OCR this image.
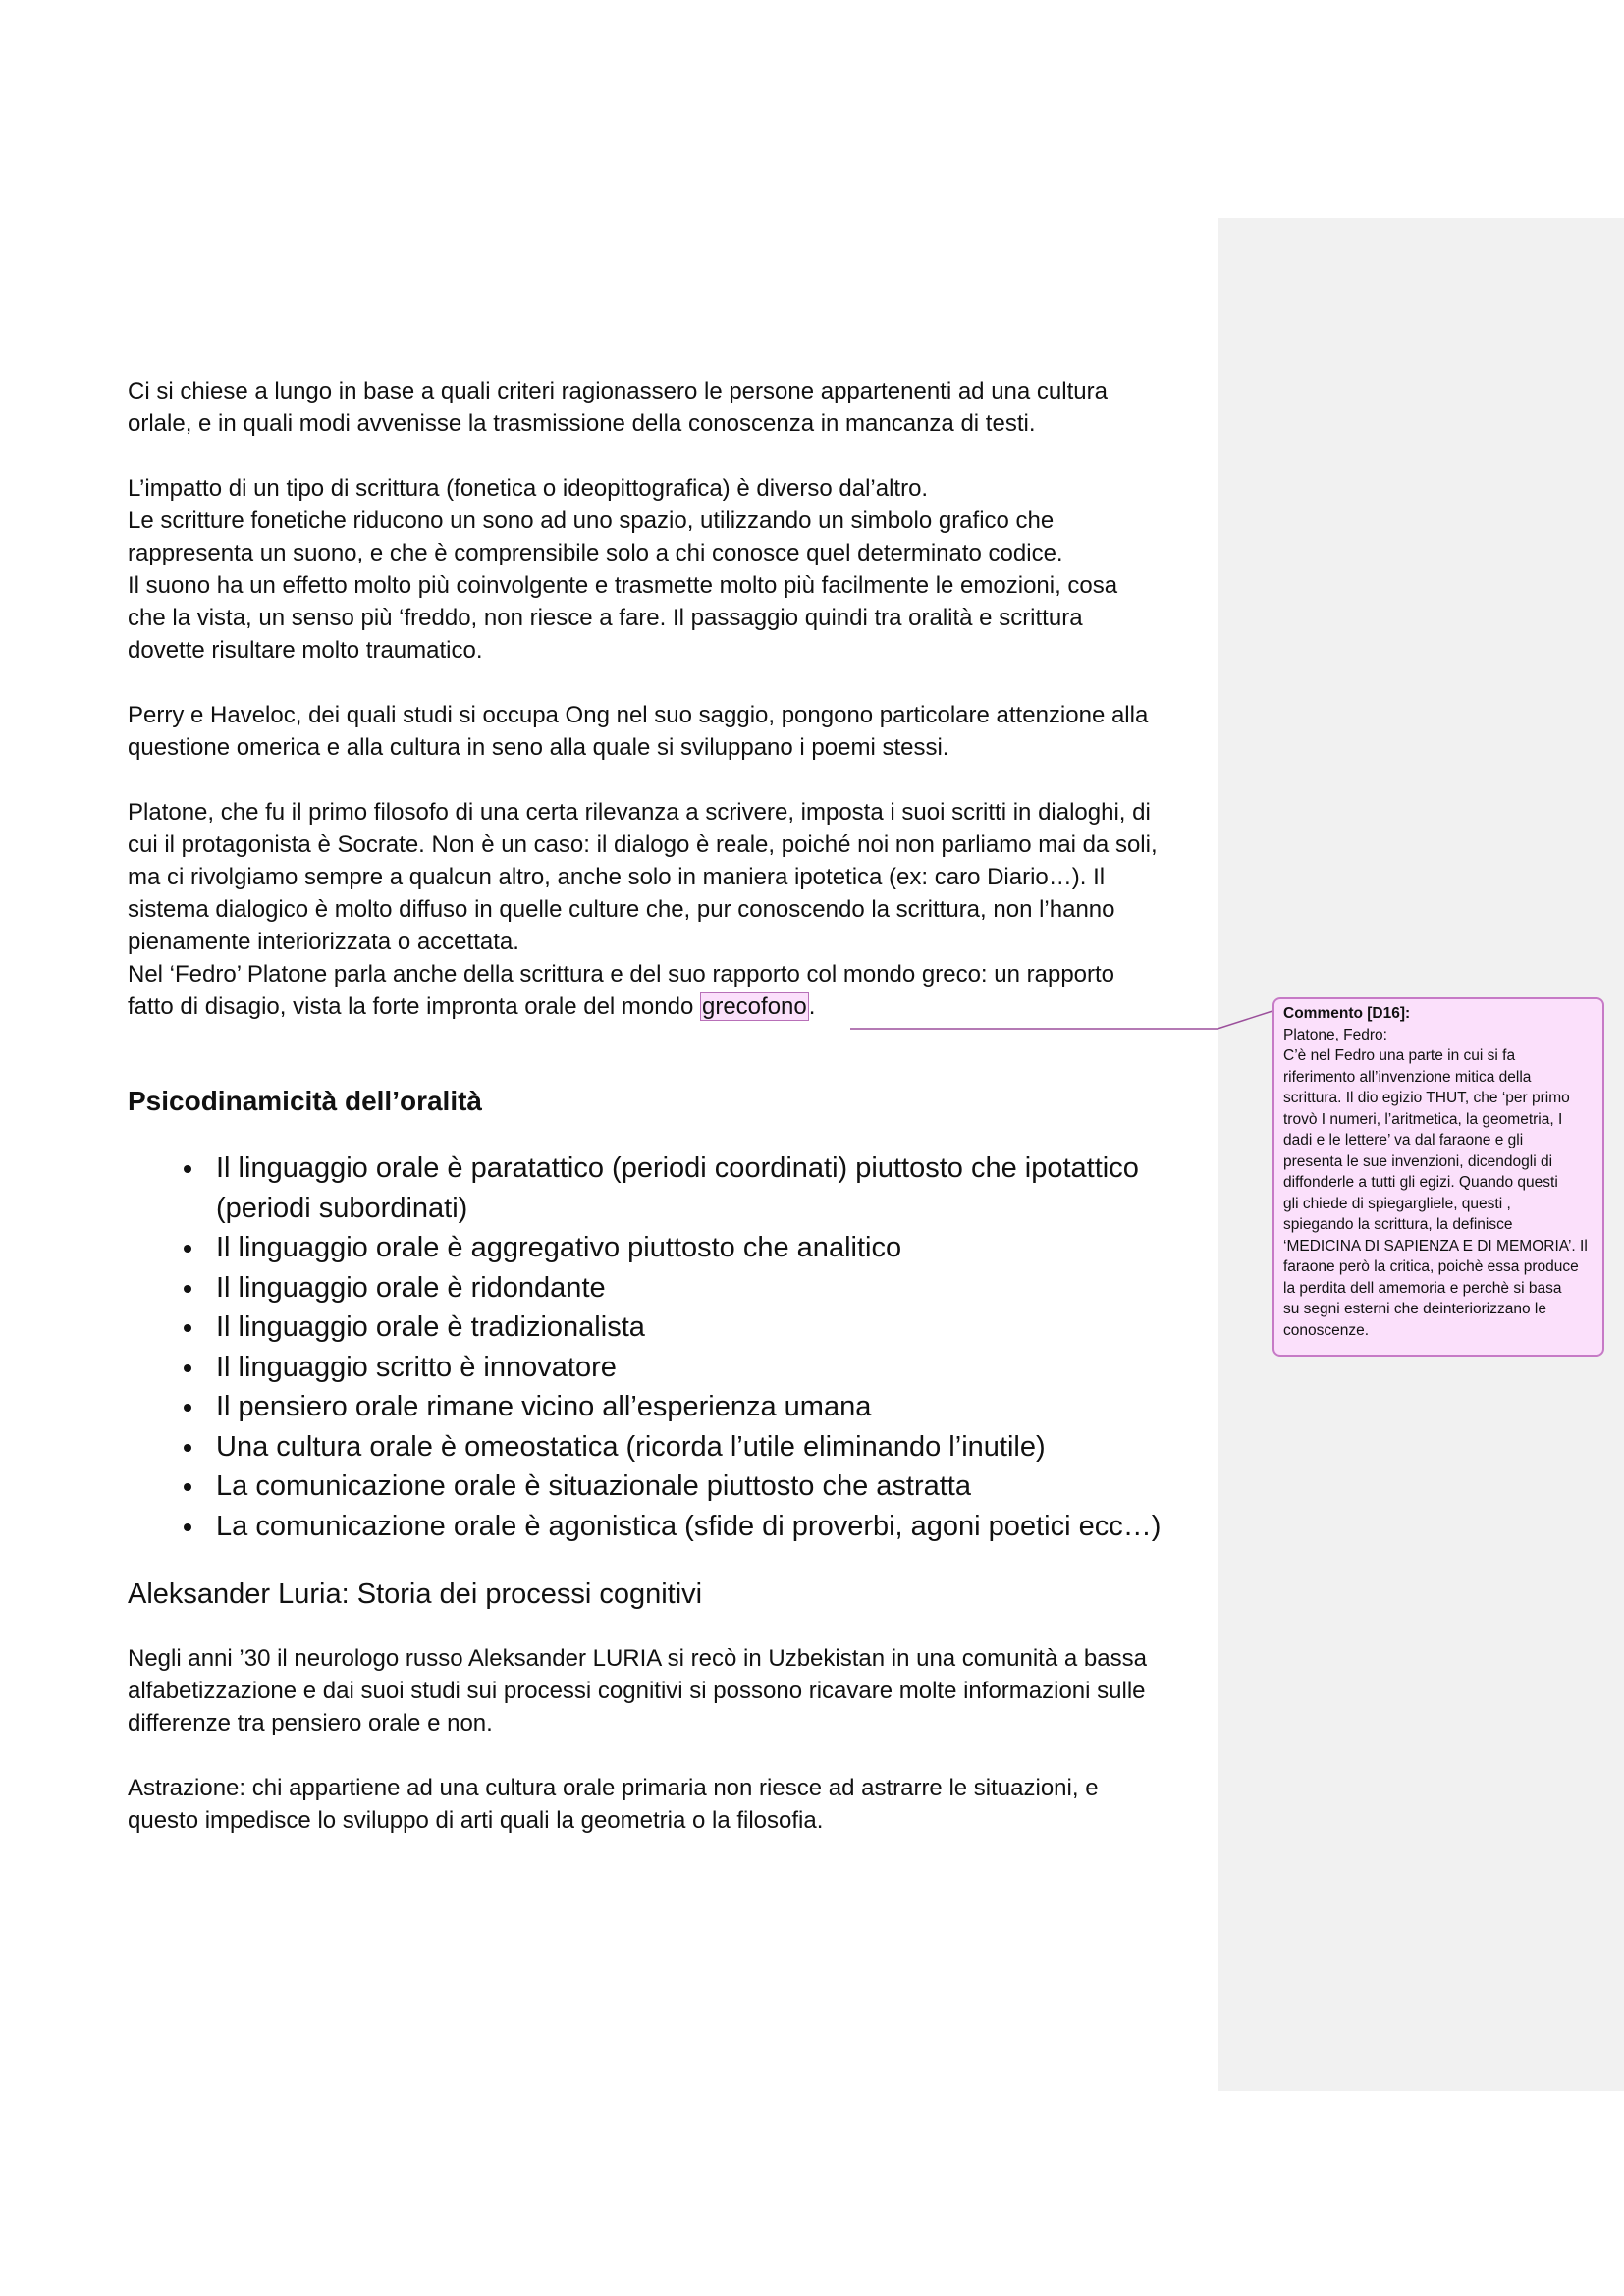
Ci si chiese a lungo in base a quali criteri ragionassero le persone appartenenti ad una cultura
orlale, e in quali modi avvenisse la trasmissione della conoscenza in mancanza di testi.

L’impatto di un tipo di scrittura (fonetica o ideopittografica) è diverso dal’altro.
Le scritture fonetiche riducono un sono ad uno spazio, utilizzando un simbolo grafico che
rappresenta un suono, e che è comprensibile solo a chi conosce quel determinato codice.
Il suono ha un effetto molto più coinvolgente e trasmette molto più facilmente le emozioni, cosa
che la vista, un senso più ‘freddo, non riesce a fare. Il passaggio quindi tra oralità e scrittura
dovette risultare molto traumatico.

Perry e Haveloc, dei quali studi si occupa Ong nel suo saggio, pongono particolare attenzione alla
questione omerica e alla cultura in seno alla quale si sviluppano i poemi stessi.

Platone, che fu il primo filosofo di una certa rilevanza a scrivere, imposta i suoi scritti in dialoghi, di
cui il protagonista è Socrate. Non è un caso: il dialogo è reale, poiché noi non parliamo mai da soli,
ma ci rivolgiamo sempre a qualcun altro, anche solo in maniera ipotetica (ex: caro Diario…). Il
sistema dialogico è molto diffuso in quelle culture che, pur conoscendo la scrittura, non l’hanno
pienamente interiorizzata o accettata.

Nel ‘Fedro’ Platone parla anche della scrittura e del suo rapporto col mondo greco: un rapporto
fatto di disagio, vista la forte impronta orale del mondo grecofono.

Psicodinamicità dell’oralità
• Il linguaggio orale è paratattico (periodi coordinati) piuttosto che ipotattico (periodi subordinati)
• Il linguaggio orale è aggregativo piuttosto che analitico
• Il linguaggio orale è ridondante
• Il linguaggio orale è tradizionalista
• Il linguaggio scritto è innovatore
• Il pensiero orale rimane vicino all’esperienza umana
• Una cultura orale è omeostatica (ricorda l’utile eliminando l’inutile)
• La comunicazione orale è situazionale piuttosto che astratta
• La comunicazione orale è agonistica (sfide di proverbi, agoni poetici ecc…)
Aleksander Luria: Storia dei processi cognitivi

Negli anni ’30 il neurologo russo Aleksander LURIA si recò in Uzbekistan in una comunità a bassa
alfabetizzazione e dai suoi studi sui processi cognitivi si possono ricavare molte informazioni sulle
differenze tra pensiero orale e non.

Astrazione: chi appartiene ad una cultura orale primaria non riesce ad astrarre le situazioni, e
questo impedisce lo sviluppo di arti quali la geometria o la filosofia.

Commento [D16]:
Platone, Fedro:
C’è nel Fedro una parte in cui si fa
riferimento all’invenzione mitica della
scrittura. Il dio egizio THUT, che ‘per primo
trovò I numeri, l’aritmetica, la geometria, I
dadi e le lettere’ va dal faraone e gli
presenta le sue invenzioni, dicendogli di
diffonderle a tutti gli egizi. Quando questi
gli chiede di spiegargliele, questi ,
spiegando la scrittura, la definisce
‘MEDICINA DI SAPIENZA E DI MEMORIA’. Il
faraone però la critica, poichè essa produce
la perdita dell amemoria e perchè si basa
su segni esterni che deinteriorizzano le
conoscenze.
